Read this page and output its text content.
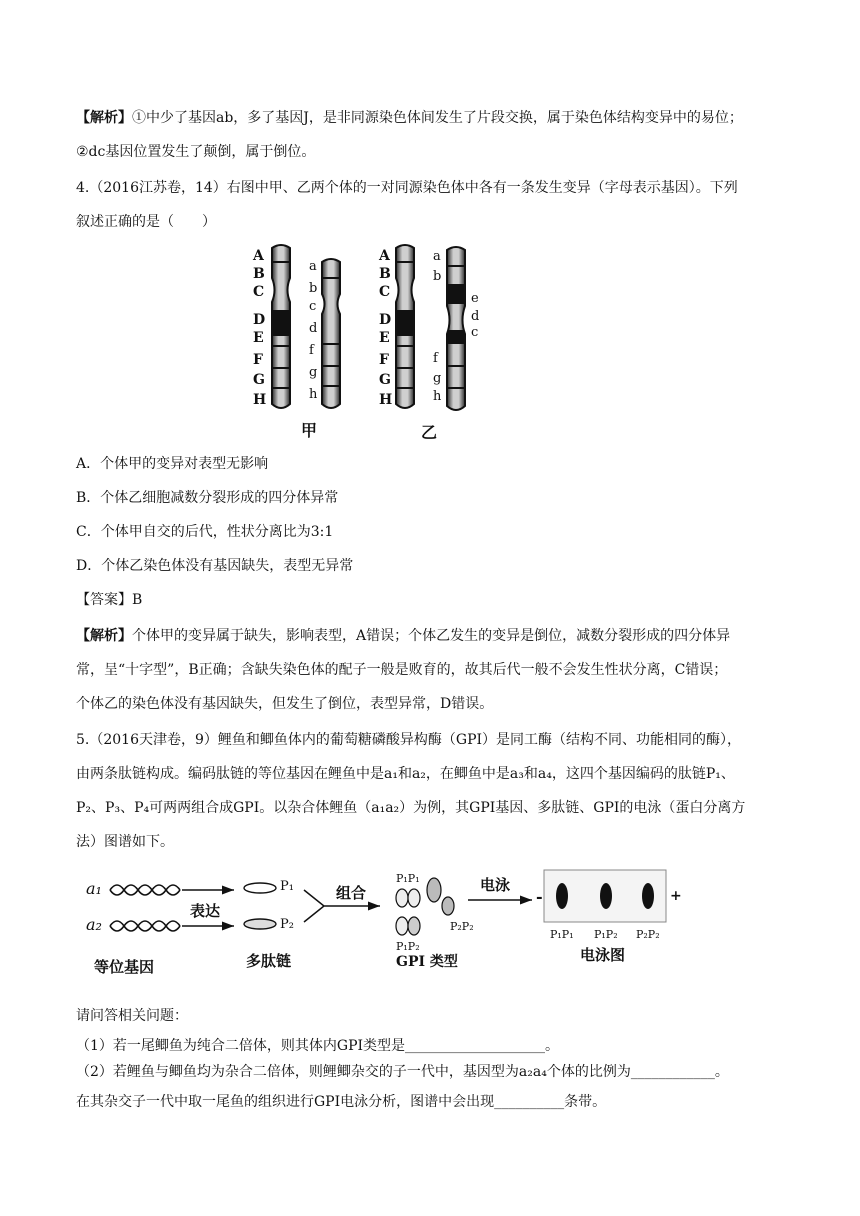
【解析】①中少了基因ab，多了基因J，是非同源染色体间发生了片段交换，属于染色体结构变异中的易位；
②dc基因位置发生了颠倒，属于倒位。
4.（2016江苏卷，14）右图中甲、乙两个体的一对同源染色体中各有一条发生变异（字母表示基因）。下列
叙述正确的是（　　）
A
B
C
D
E
F
G
H
a
b
c
d
f
g
h
甲
A
B
C
D
E
F
G
H
a
b
e
d
c
f
g
h
乙
A．个体甲的变异对表型无影响
B．个体乙细胞减数分裂形成的四分体异常
C．个体甲自交的后代，性状分离比为3:1
D．个体乙染色体没有基因缺失，表型无异常
【答案】B
【解析】个体甲的变异属于缺失，影响表型，A错误；个体乙发生的变异是倒位，减数分裂形成的四分体异
常，呈“十字型”，B正确；含缺失染色体的配子一般是败育的，故其后代一般不会发生性状分离，C错误；
个体乙的染色体没有基因缺失，但发生了倒位，表型异常，D错误。
5.（2016天津卷，9）鲤鱼和鲫鱼体内的葡萄糖磷酸异构酶（GPI）是同工酶（结构不同、功能相同的酶），
由两条肽链构成。编码肽链的等位基因在鲤鱼中是a₁和a₂，在鲫鱼中是a₃和a₄，这四个基因编码的肽链P₁、
P₂、P₃、P₄可两两组合成GPI。以杂合体鲤鱼（a₁a₂）为例，其GPI基因、多肽链、GPI的电泳（蛋白分离方
法）图谱如下。
a₁
a₂
表达
P₁
P₂
组合
P₁P₁
P₁P₂
P₂P₂
电泳
-	+
P₁P₁ P₁P₂ P₂P₂
等位基因	多肽链	GPI 类型	电泳图
请问答相关问题：
（1）若一尾鲫鱼为纯合二倍体，则其体内GPI类型是____________________。
（2）若鲤鱼与鲫鱼均为杂合二倍体，则鲤鲫杂交的子一代中，基因型为a₂a₄个体的比例为____________。
在其杂交子一代中取一尾鱼的组织进行GPI电泳分析，图谱中会出现__________条带。
